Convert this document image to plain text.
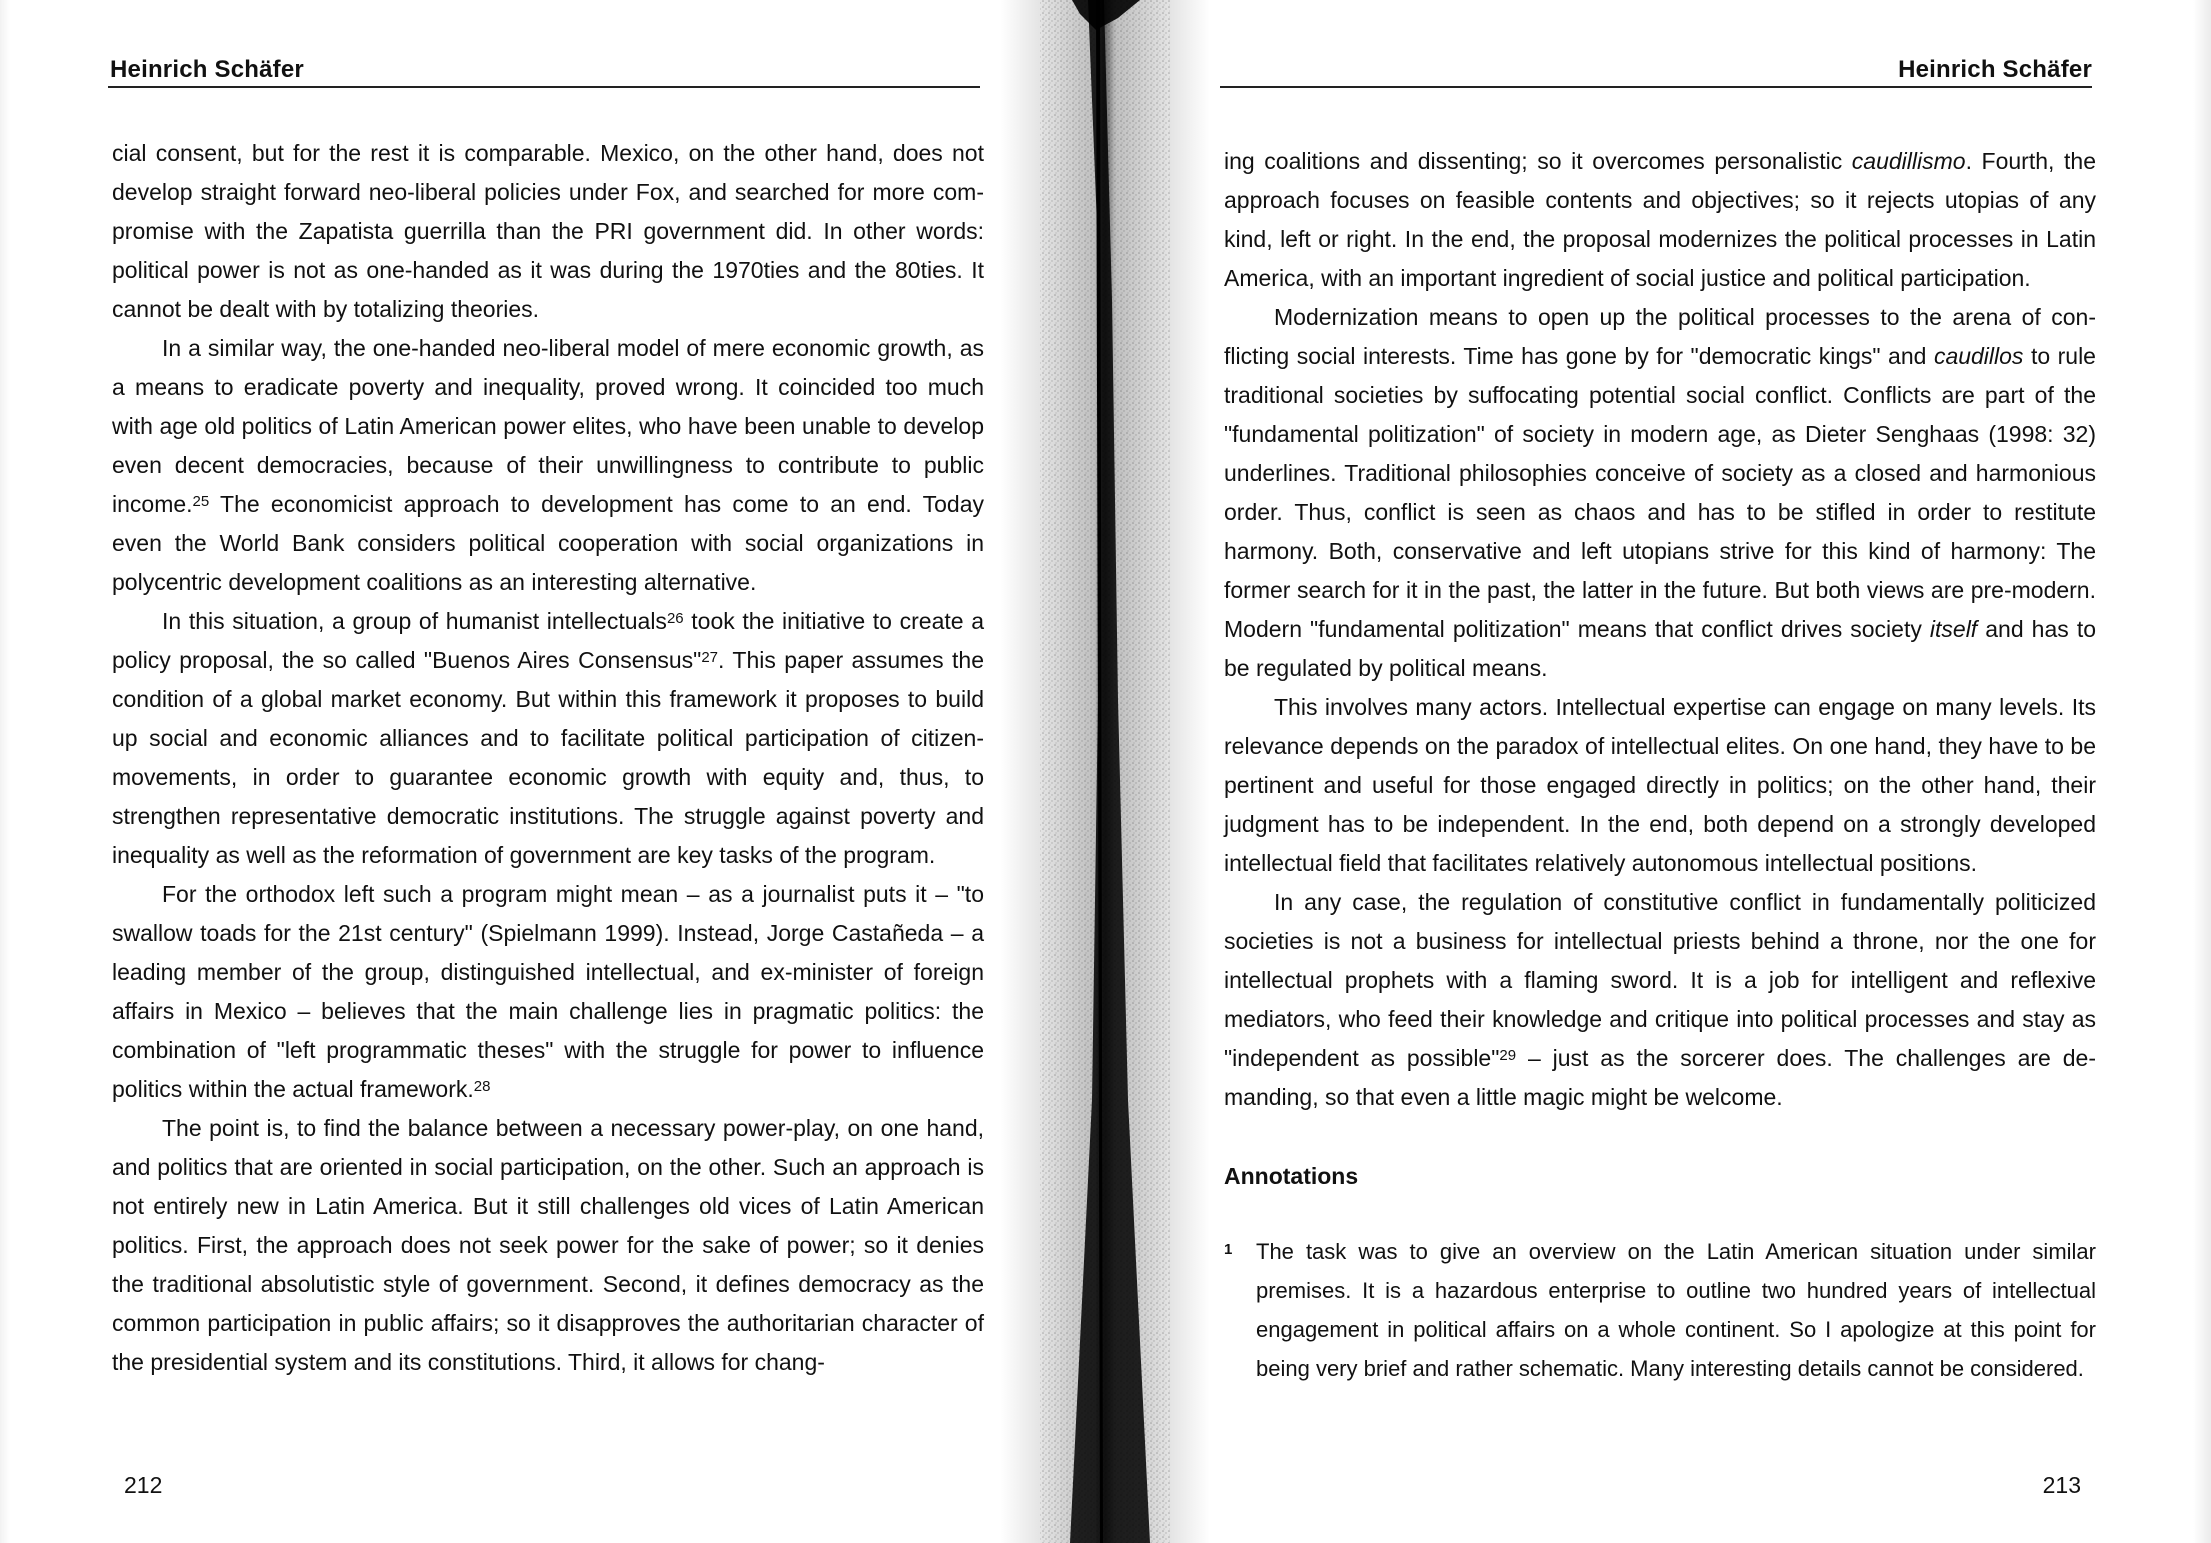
Heinrich Schäfer

cial consent, but for the rest it is comparable. Mexico, on the other hand, does not develop straight forward neo-liberal policies under Fox, and searched for more compromise with the Zapatista guerrilla than the PRI government did. In other words: political power is not as one-handed as it was during the 1970ties and the 80ties. It cannot be dealt with by totalizing theories.

In a similar way, the one-handed neo-liberal model of mere economic growth, as a means to eradicate poverty and inequality, proved wrong. It coincided too much with age old politics of Latin American power elites, who have been unable to develop even decent democracies, because of their unwillingness to contribute to public income.$^{25}$ The economicist approach to development has come to an end. Today even the World Bank considers political cooperation with social organizations in polycentric development coalitions as an interesting alternative.

In this situation, a group of humanist intellectuals$^{26}$ took the initiative to create a policy proposal, the so called "Buenos Aires Consensus"$^{27}$. This paper assumes the condition of a global market economy. But within this framework it proposes to build up social and economic alliances and to facilitate political participation of citizen-movements, in order to guarantee economic growth with equity and, thus, to strengthen representative democratic institutions. The struggle against poverty and inequality as well as the reformation of government are key tasks of the program.

For the orthodox left such a program might mean – as a journalist puts it – "to swallow toads for the 21st century" (Spielmann 1999). Instead, Jorge Castañeda – a leading member of the group, distinguished intellectual, and ex-minister of foreign affairs in Mexico – believes that the main challenge lies in pragmatic politics: the combination of "left programmatic theses" with the struggle for power to influence politics within the actual framework.$^{28}$

The point is, to find the balance between a necessary power-play, on one hand, and politics that are oriented in social participation, on the other. Such an approach is not entirely new in Latin America. But it still challenges old vices of Latin American politics. First, the approach does not seek power for the sake of power; so it denies the traditional absolutistic style of government. Second, it defines democracy as the common participation in public affairs; so it disapproves the authoritarian character of the presidential system and its constitutions. Third, it allows for chang-

212
Heinrich Schäfer

ing coalitions and dissenting; so it overcomes personalistic caudillismo. Fourth, the approach focuses on feasible contents and objectives; so it rejects utopias of any kind, left or right. In the end, the proposal modernizes the political processes in Latin America, with an important ingredient of social justice and political participation.

Modernization means to open up the political processes to the arena of conflicting social interests. Time has gone by for "democratic kings" and caudillos to rule traditional societies by suffocating potential social conflict. Conflicts are part of the "fundamental politization" of society in modern age, as Dieter Senghaas (1998: 32) underlines. Traditional philosophies conceive of society as a closed and harmonious order. Thus, conflict is seen as chaos and has to be stifled in order to restitute harmony. Both, conservative and left utopians strive for this kind of harmony: The former search for it in the past, the latter in the future. But both views are pre-modern. Modern "fundamental politization" means that conflict drives society itself and has to be regulated by political means.

This involves many actors. Intellectual expertise can engage on many levels. Its relevance depends on the paradox of intellectual elites. On one hand, they have to be pertinent and useful for those engaged directly in politics; on the other hand, their judgment has to be independent. In the end, both depend on a strongly developed intellectual field that facilitates relatively autonomous intellectual positions.

In any case, the regulation of constitutive conflict in fundamentally politicized societies is not a business for intellectual priests behind a throne, nor the one for intellectual prophets with a flaming sword. It is a job for intelligent and reflexive mediators, who feed their knowledge and critique into political processes and stay as "independent as possible"$^{29}$ – just as the sorcerer does. The challenges are demanding, so that even a little magic might be welcome.

Annotations
1 The task was to give an overview on the Latin American situation under similar premises. It is a hazardous enterprise to outline two hundred years of intellectual engagement in political affairs on a whole continent. So I apologize at this point for being very brief and rather schematic. Many interesting details cannot be considered.
213
